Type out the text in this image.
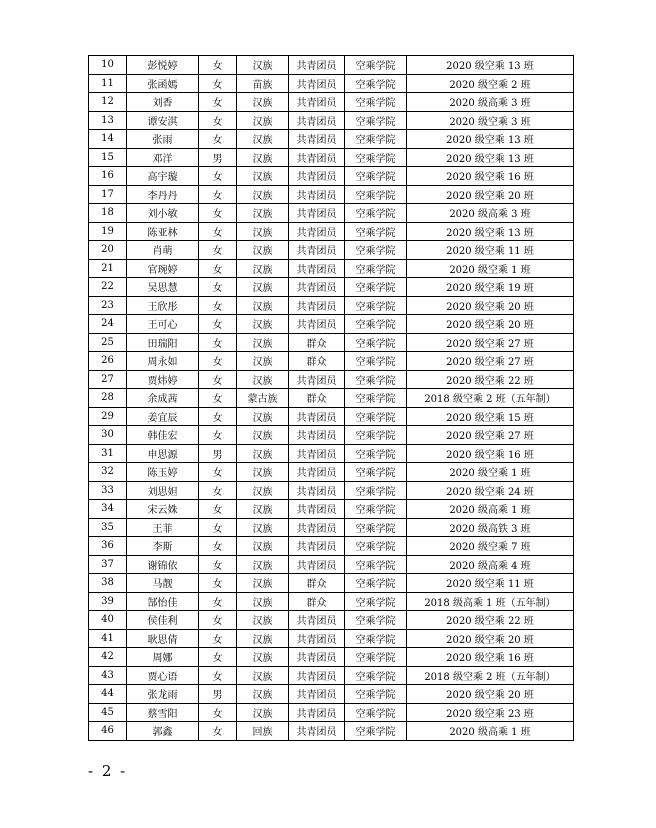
10	彭悦婷	女	汉族	共青团员	空乘学院	2020 级空乘 13 班
11	张函嫣	女	苗族	共青团员	空乘学院	2020 级空乘 2 班
12	刘香	女	汉族	共青团员	空乘学院	2020 级高乘 3 班
13	谭安淇	女	汉族	共青团员	空乘学院	2020 级空乘 3 班
14	张雨	女	汉族	共青团员	空乘学院	2020 级空乘 13 班
15	邓洋	男	汉族	共青团员	空乘学院	2020 级空乘 13 班
16	高宇璇	女	汉族	共青团员	空乘学院	2020 级空乘 16 班
17	李丹丹	女	汉族	共青团员	空乘学院	2020 级空乘 20 班
18	刘小敏	女	汉族	共青团员	空乘学院	2020 级高乘 3 班
19	陈亚林	女	汉族	共青团员	空乘学院	2020 级空乘 13 班
20	肖萌	女	汉族	共青团员	空乘学院	2020 级空乘 11 班
21	官琬婷	女	汉族	共青团员	空乘学院	2020 级空乘 1 班
22	吴思慧	女	汉族	共青团员	空乘学院	2020 级空乘 19 班
23	王欣彤	女	汉族	共青团员	空乘学院	2020 级空乘 20 班
24	王可心	女	汉族	共青团员	空乘学院	2020 级空乘 20 班
25	田瑞阳	女	汉族	群众	空乘学院	2020 级空乘 27 班
26	周永如	女	汉族	群众	空乘学院	2020 级空乘 27 班
27	贾炜婷	女	汉族	共青团员	空乘学院	2020 级空乘 22 班
28	余成茜	女	蒙古族	群众	空乘学院	2018 级空乘 2 班（五年制）
29	姜宜辰	女	汉族	共青团员	空乘学院	2020 级空乘 15 班
30	韩佳宏	女	汉族	共青团员	空乘学院	2020 级空乘 27 班
31	申思源	男	汉族	共青团员	空乘学院	2020 级空乘 16 班
32	陈玉婷	女	汉族	共青团员	空乘学院	2020 级空乘 1 班
33	刘思妲	女	汉族	共青团员	空乘学院	2020 级空乘 24 班
34	宋云姝	女	汉族	共青团员	空乘学院	2020 级高乘 1 班
35	王菲	女	汉族	共青团员	空乘学院	2020 级高铁 3 班
36	李斯	女	汉族	共青团员	空乘学院	2020 级空乘 7 班
37	谢锦依	女	汉族	共青团员	空乘学院	2020 级高乘 4 班
38	马靓	女	汉族	群众	空乘学院	2020 级空乘 11 班
39	郜怡佳	女	汉族	群众	空乘学院	2018 级高乘 1 班（五年制）
40	侯佳利	女	汉族	共青团员	空乘学院	2020 级空乘 22 班
41	耿思倩	女	汉族	共青团员	空乘学院	2020 级空乘 20 班
42	周娜	女	汉族	共青团员	空乘学院	2020 级空乘 16 班
43	贾心语	女	汉族	共青团员	空乘学院	2018 级空乘 2 班（五年制）
44	张龙雨	男	汉族	共青团员	空乘学院	2020 级空乘 20 班
45	蔡雪阳	女	汉族	共青团员	空乘学院	2020 级空乘 23 班
46	郭鑫	女	回族	共青团员	空乘学院	2020 级高乘 1 班
- 2 -
